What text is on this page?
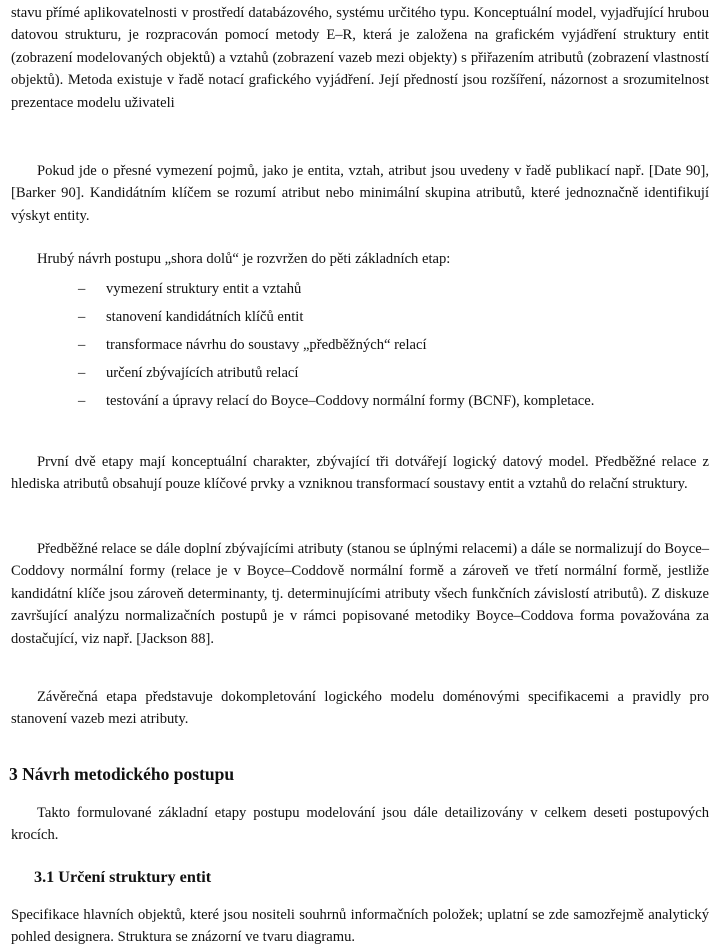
stavu přímé aplikovatelnosti v prostředí databázového, systému určitého typu. Konceptuální model, vyjadřující hrubou datovou strukturu, je rozpracován pomocí metody E–R, která je založena na grafickém vyjádření struktury entit (zobrazení modelovaných objektů) a vztahů (zobrazení vazeb mezi objekty) s přiřazením atributů (zobrazení vlastností objektů). Metoda existuje v řadě notací grafického vyjádření. Její předností jsou rozšíření, názornost a srozumitelnost prezentace modelu uživateli

Pokud jde o přesné vymezení pojmů, jako je entita, vztah, atribut jsou uvedeny v řadě publikací např. [Date 90], [Barker 90]. Kandidátním klíčem se rozumí atribut nebo minimální skupina atributů, které jednoznačně identifikují výskyt entity.

Hrubý návrh postupu „shora dolů“ je rozvržen do pěti základních etap:

– vymezení struktury entit a vztahů
– stanovení kandidátních klíčů entit
– transformace návrhu do soustavy „předběžných“ relací
– určení zbývajících atributů relací
– testování a úpravy relací do Boyce–Coddovy normální formy (BCNF), kompletace.

První dvě etapy mají konceptuální charakter, zbývající tři dotvářejí logický datový model. Předběžné relace z hlediska atributů obsahují pouze klíčové prvky a vzniknou transformací soustavy entit a vztahů do relační struktury.

Předběžné relace se dále doplní zbývajícími atributy (stanou se úplnými relacemi) a dále se normalizují do Boyce–Coddovy normální formy (relace je v Boyce–Coddově normální formě a zároveň ve třetí normální formě, jestliže kandidátní klíče jsou zároveň determinanty, tj. determinujícími atributy všech funkčních závislostí atributů). Z diskuze završující analýzu normalizačních postupů je v rámci popisované metodiky Boyce–Coddova forma považována za dostačující, viz např. [Jackson 88].

Závěrečná etapa představuje dokompletování logického modelu doménovými specifikacemi a pravidly pro stanovení vazeb mezi atributy.

3 Návrh metodického postupu

Takto formulované základní etapy postupu modelování jsou dále detailizovány v celkem deseti postupových krocích.

3.1 Určení struktury entit

Specifikace hlavních objektů, které jsou nositeli souhrnů informačních položek; uplatní se zde samozřejmě analytický pohled designera. Struktura se znázorní ve tvaru diagramu.
